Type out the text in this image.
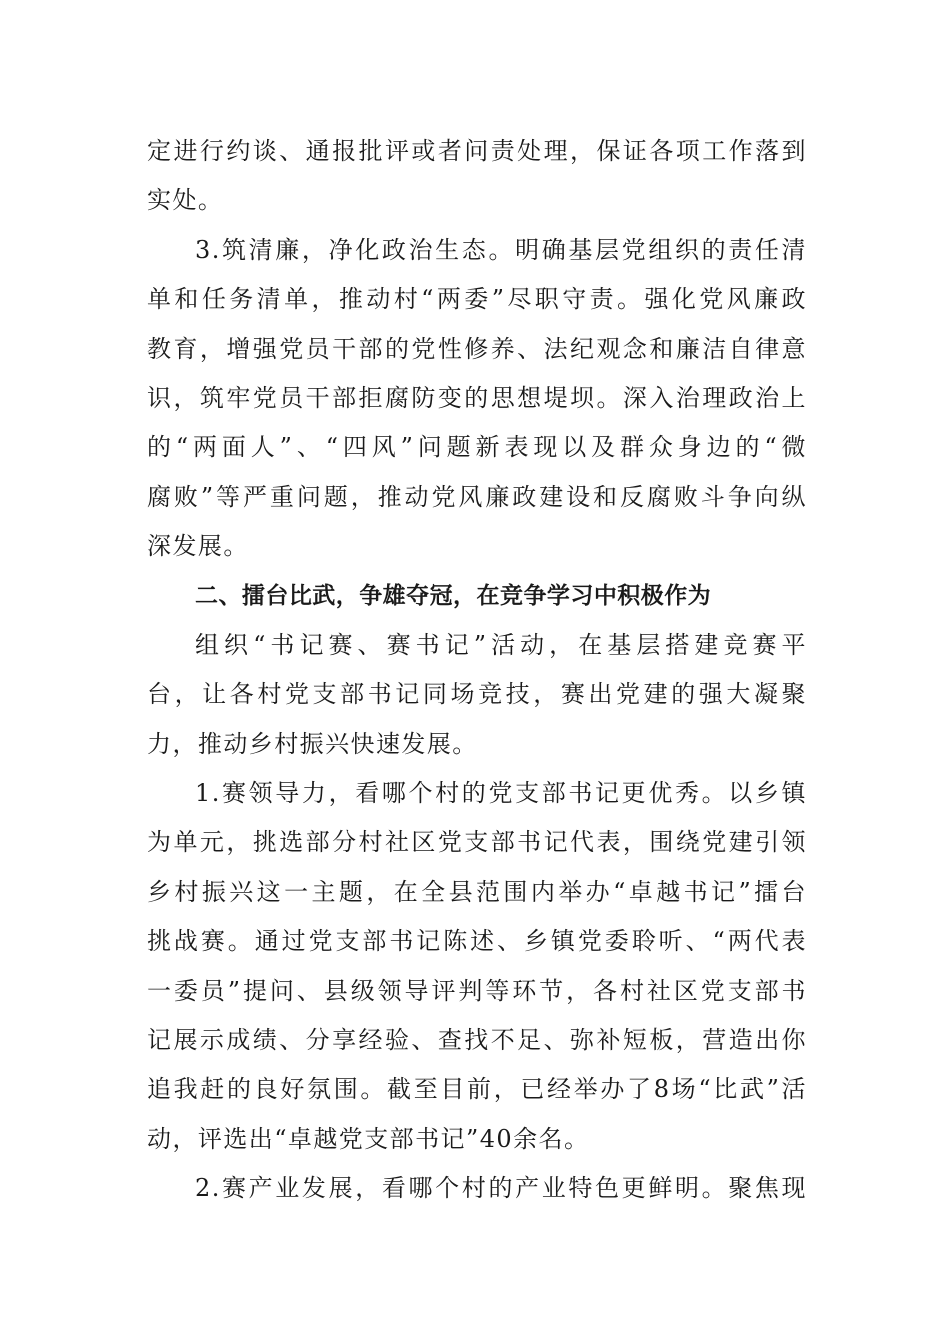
定进行约谈、通报批评或者问责处理，保证各项工作落到
实处。
3.筑清廉，净化政治生态。明确基层党组织的责任清
单和任务清单，推动村“两委”尽职守责。强化党风廉政
教育，增强党员干部的党性修养、法纪观念和廉洁自律意
识，筑牢党员干部拒腐防变的思想堤坝。深入治理政治上
的“两面人”、“四风”问题新表现以及群众身边的“微
腐败”等严重问题，推动党风廉政建设和反腐败斗争向纵
深发展。
二、擂台比武，争雄夺冠，在竞争学习中积极作为
组织“书记赛、赛书记”活动，在基层搭建竞赛平
台，让各村党支部书记同场竞技，赛出党建的强大凝聚
力，推动乡村振兴快速发展。
1.赛领导力，看哪个村的党支部书记更优秀。以乡镇
为单元，挑选部分村社区党支部书记代表，围绕党建引领
乡村振兴这一主题，在全县范围内举办“卓越书记”擂台
挑战赛。通过党支部书记陈述、乡镇党委聆听、“两代表
一委员”提问、县级领导评判等环节，各村社区党支部书
记展示成绩、分享经验、查找不足、弥补短板，营造出你
追我赶的良好氛围。截至目前，已经举办了8场“比武”活
动，评选出“卓越党支部书记”40余名。
2.赛产业发展，看哪个村的产业特色更鲜明。聚焦现
